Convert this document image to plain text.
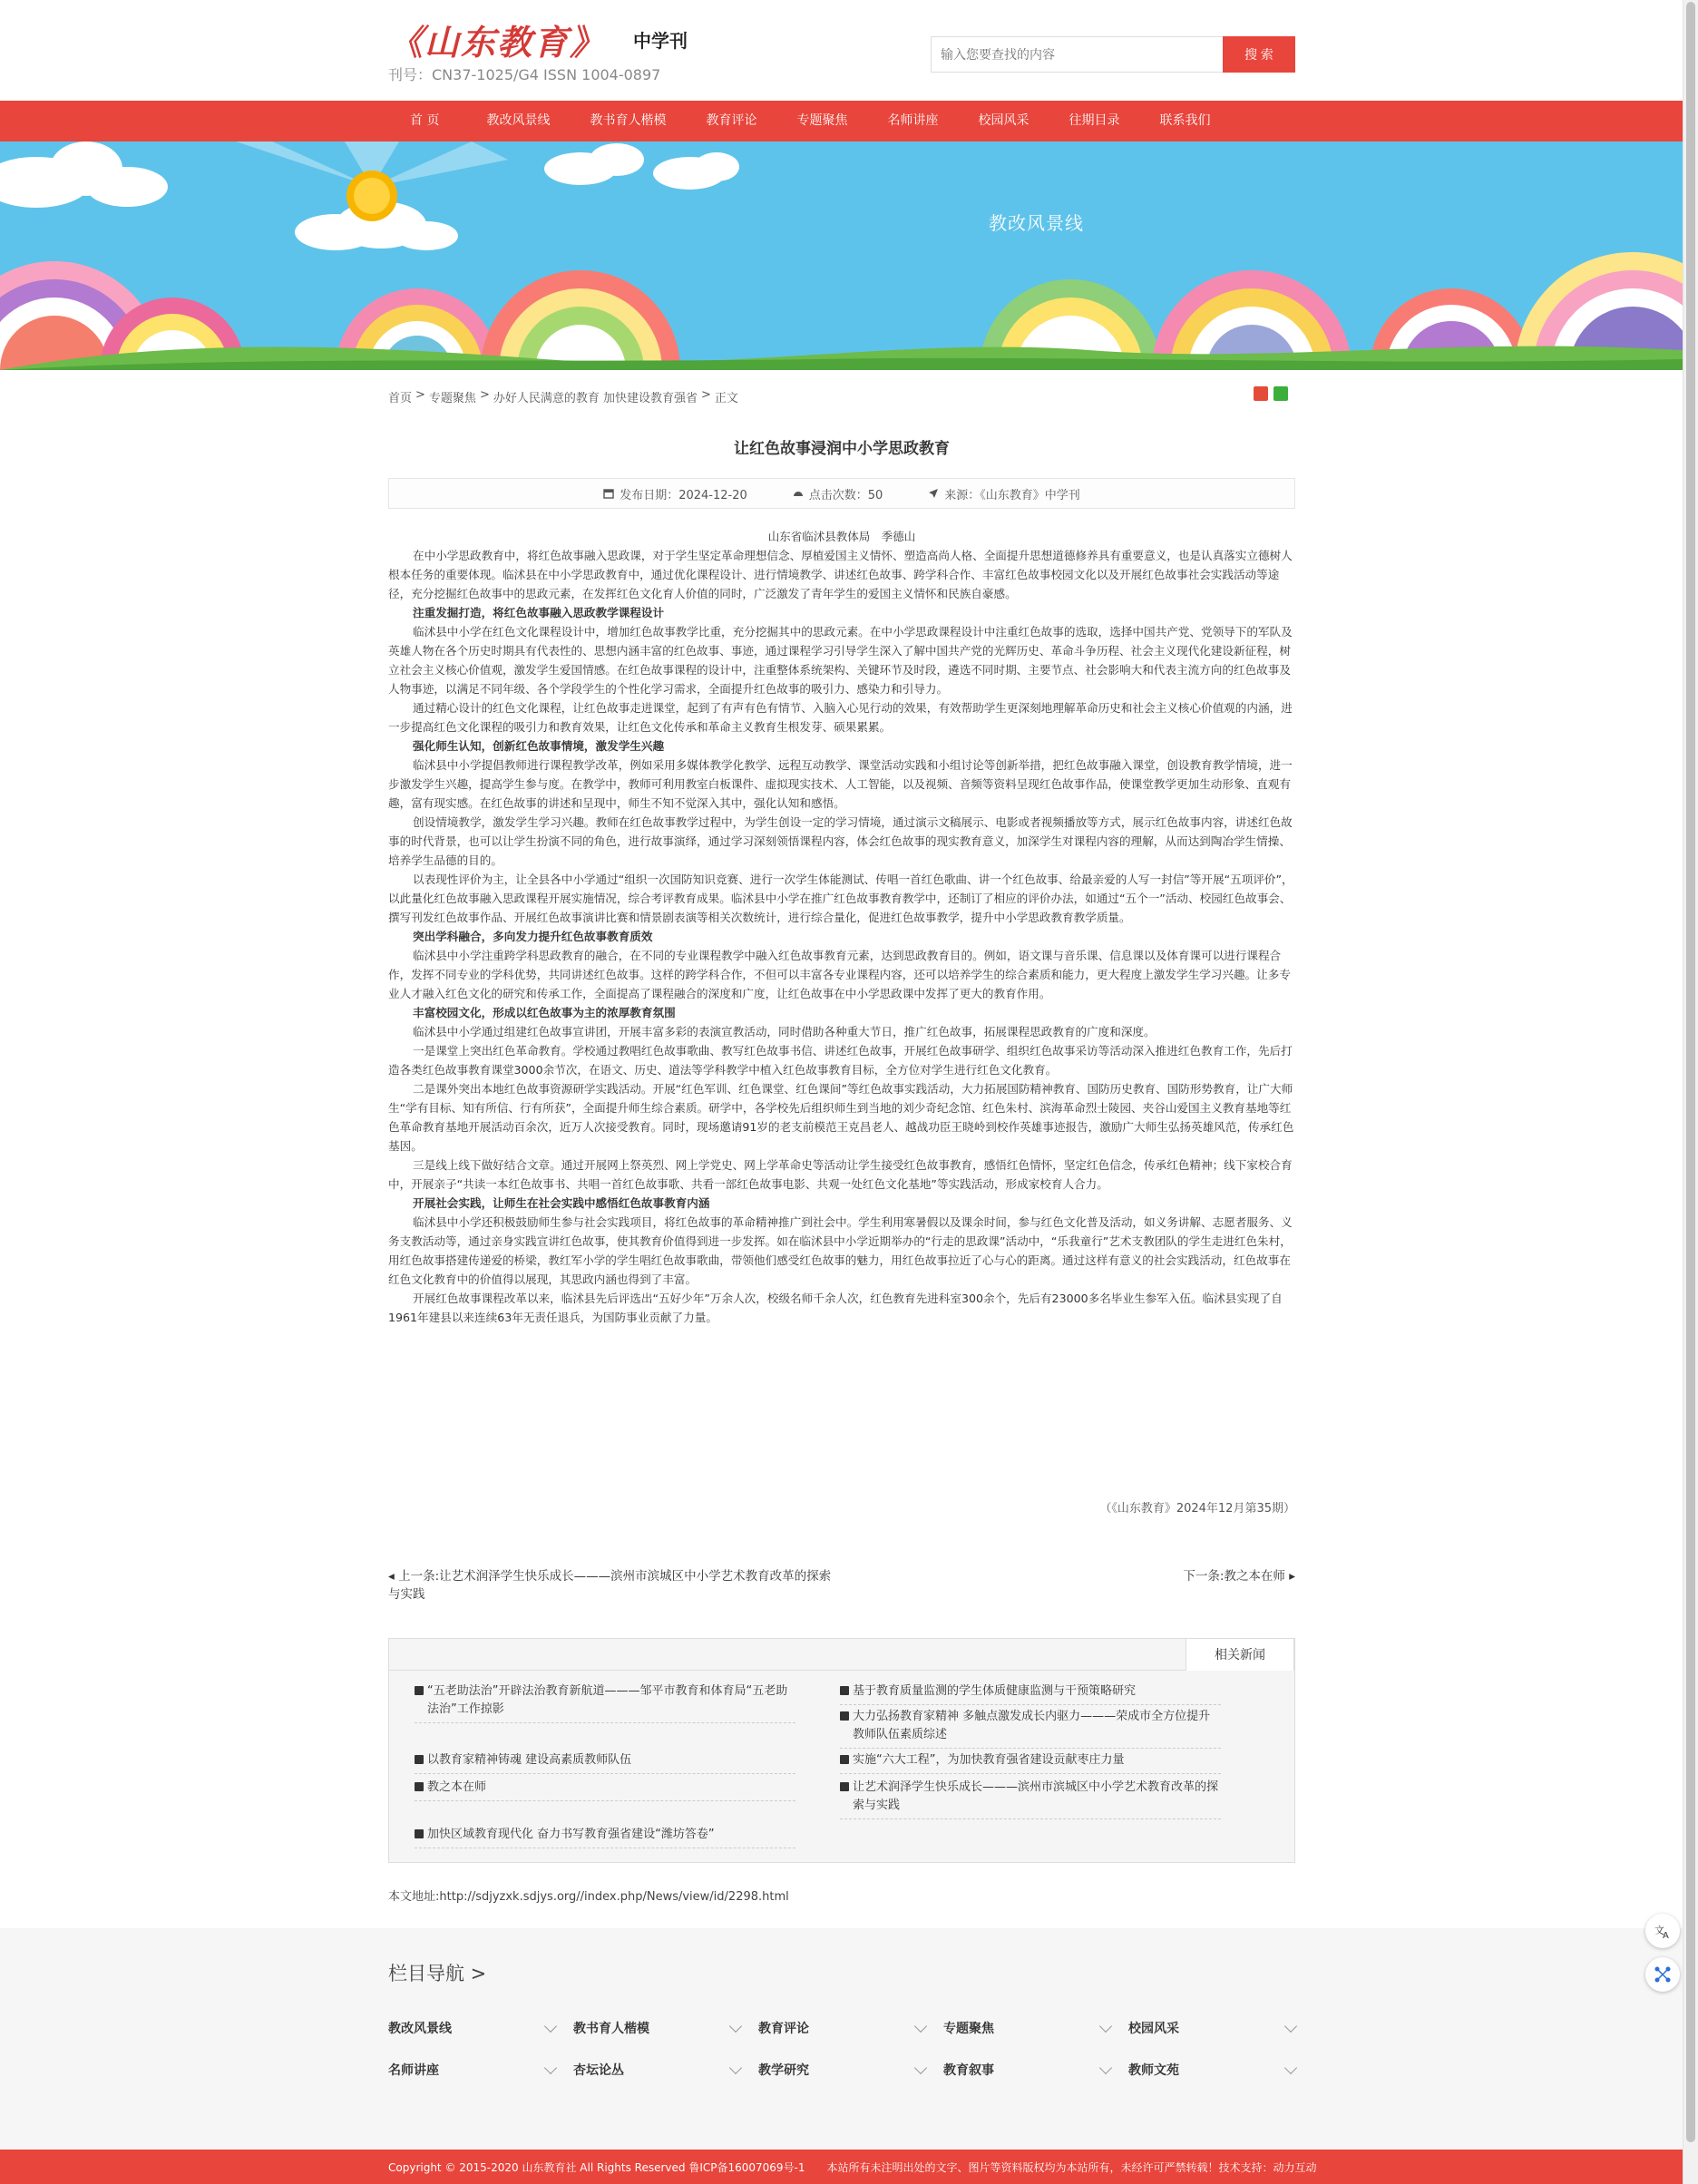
《山东教育》 中学刊
刊号：CN37-1025/G4 ISSN 1004-0897
输入您要查找的内容
搜 索
首 页	教改风景线	教书育人楷模	教育评论	专题聚焦	名师讲座	校园风采	往期目录	联系我们
教改风景线
首页 > 专题聚焦 > 办好人民满意的教育 加快建设教育强省 > 正文
让红色故事浸润中小学思政教育
发布日期：2024-12-20	点击次数：50	来源：《山东教育》中学刊
山东省临沭县教体局　季德山

在中小学思政教育中，将红色故事融入思政课，对于学生坚定革命理想信念、厚植爱国主义情怀、塑造高尚人格、全面提升思想道德修养具有重要意义，也是认真落实立德树人根本任务的重要体现。临沭县在中小学思政教育中，通过优化课程设计、进行情境教学、讲述红色故事、跨学科合作、丰富红色故事校园文化以及开展红色故事社会实践活动等途径，充分挖掘红色故事中的思政元素，在发挥红色文化育人价值的同时，广泛激发了青年学生的爱国主义情怀和民族自豪感。

注重发掘打造，将红色故事融入思政教学课程设计

临沭县中小学在红色文化课程设计中，增加红色故事教学比重，充分挖掘其中的思政元素。在中小学思政课程设计中注重红色故事的选取，选择中国共产党、党领导下的军队及英雄人物在各个历史时期具有代表性的、思想内涵丰富的红色故事、事迹，通过课程学习引导学生深入了解中国共产党的光辉历史、革命斗争历程、社会主义现代化建设新征程，树立社会主义核心价值观，激发学生爱国情感。在红色故事课程的设计中，注重整体系统架构、关键环节及时段，遴选不同时期、主要节点、社会影响大和代表主流方向的红色故事及人物事迹，以满足不同年级、各个学段学生的个性化学习需求，全面提升红色故事的吸引力、感染力和引导力。

通过精心设计的红色文化课程，让红色故事走进课堂，起到了有声有色有情节、入脑入心见行动的效果，有效帮助学生更深刻地理解革命历史和社会主义核心价值观的内涵，进一步提高红色文化课程的吸引力和教育效果，让红色文化传承和革命主义教育生根发芽、硕果累累。

强化师生认知，创新红色故事情境，激发学生兴趣

临沭县中小学提倡教师进行课程教学改革，例如采用多媒体教学化教学、远程互动教学、课堂活动实践和小组讨论等创新举措，把红色故事融入课堂，创设教育教学情境，进一步激发学生兴趣，提高学生参与度。在教学中，教师可利用教室白板课件、虚拟现实技术、人工智能，以及视频、音频等资料呈现红色故事作品，使课堂教学更加生动形象、直观有趣，富有现实感。在红色故事的讲述和呈现中，师生不知不觉深入其中，强化认知和感悟。

创设情境教学，激发学生学习兴趣。教师在红色故事教学过程中，为学生创设一定的学习情境，通过演示文稿展示、电影或者视频播放等方式，展示红色故事内容，讲述红色故事的时代背景，也可以让学生扮演不同的角色，进行故事演绎，通过学习深刻领悟课程内容，体会红色故事的现实教育意义，加深学生对课程内容的理解，从而达到陶冶学生情操、培养学生品德的目的。

以表现性评价为主，让全县各中小学通过“组织一次国防知识竞赛、进行一次学生体能测试、传唱一首红色歌曲、讲一个红色故事、给最亲爱的人写一封信”等开展“五项评价”，以此量化红色故事融入思政课程开展实施情况，综合考评教育成果。临沭县中小学在推广红色故事教育教学中，还制订了相应的评价办法，如通过“五个一”活动、校园红色故事会、撰写刊发红色故事作品、开展红色故事演讲比赛和情景剧表演等相关次数统计，进行综合量化，促进红色故事教学，提升中小学思政教育教学质量。

突出学科融合，多向发力提升红色故事教育质效

临沭县中小学注重跨学科思政教育的融合，在不同的专业课程教学中融入红色故事教育元素，达到思政教育目的。例如，语文课与音乐课、信息课以及体育课可以进行课程合作，发挥不同专业的学科优势，共同讲述红色故事。这样的跨学科合作，不但可以丰富各专业课程内容，还可以培养学生的综合素质和能力，更大程度上激发学生学习兴趣。让多专业人才融入红色文化的研究和传承工作，全面提高了课程融合的深度和广度，让红色故事在中小学思政课中发挥了更大的教育作用。

丰富校园文化，形成以红色故事为主的浓厚教育氛围

临沭县中小学通过组建红色故事宣讲团，开展丰富多彩的表演宣教活动，同时借助各种重大节日，推广红色故事，拓展课程思政教育的广度和深度。

一是课堂上突出红色革命教育。学校通过教唱红色故事歌曲、教写红色故事书信、讲述红色故事，开展红色故事研学、组织红色故事采访等活动深入推进红色教育工作，先后打造各类红色故事教育课堂3000余节次，在语文、历史、道法等学科教学中植入红色故事教育目标，全方位对学生进行红色文化教育。

二是课外突出本地红色故事资源研学实践活动。开展“红色军训、红色课堂、红色课间”等红色故事实践活动，大力拓展国防精神教育、国防历史教育、国防形势教育，让广大师生“学有目标、知有所信、行有所获”，全面提升师生综合素质。研学中，各学校先后组织师生到当地的刘少奇纪念馆、红色朱村、滨海革命烈士陵园、夹谷山爱国主义教育基地等红色革命教育基地开展活动百余次，近万人次接受教育。同时，现场邀请91岁的老支前模范王克昌老人、越战功臣王晓岭到校作英雄事迹报告，激励广大师生弘扬英雄风范，传承红色基因。

三是线上线下做好结合文章。通过开展网上祭英烈、网上学党史、网上学革命史等活动让学生接受红色故事教育，感悟红色情怀，坚定红色信念，传承红色精神；线下家校合育中，开展亲子“共读一本红色故事书、共唱一首红色故事歌、共看一部红色故事电影、共观一处红色文化基地”等实践活动，形成家校育人合力。

开展社会实践，让师生在社会实践中感悟红色故事教育内涵

临沭县中小学还积极鼓励师生参与社会实践项目，将红色故事的革命精神推广到社会中。学生利用寒暑假以及课余时间，参与红色文化普及活动，如义务讲解、志愿者服务、义务支教活动等，通过亲身实践宣讲红色故事，使其教育价值得到进一步发挥。如在临沭县中小学近期举办的“行走的思政课”活动中，“乐我童行”艺术支教团队的学生走进红色朱村，用红色故事搭建传递爱的桥梁，教红军小学的学生唱红色故事歌曲，带领他们感受红色故事的魅力，用红色故事拉近了心与心的距离。通过这样有意义的社会实践活动，红色故事在红色文化教育中的价值得以展现，其思政内涵也得到了丰富。

开展红色故事课程改革以来，临沭县先后评选出“五好少年”万余人次，校级名师千余人次，红色教育先进科室300余个，先后有23000多名毕业生参军入伍。临沭县实现了自1961年建县以来连续63年无责任退兵，为国防事业贡献了力量。

（《山东教育》2024年12月第35期）
◂ 上一条:让艺术润泽学生快乐成长———滨州市滨城区中小学艺术教育改革的探索与实践
下一条:教之本在师 ▸
相关新闻
“五老助法治”开辟法治教育新航道———邹平市教育和体育局“五老助法治”工作掠影
以教育家精神铸魂 建设高素质教师队伍
教之本在师
加快区域教育现代化 奋力书写教育强省建设“潍坊答卷”
基于教育质量监测的学生体质健康监测与干预策略研究
大力弘扬教育家精神 多触点激发成长内驱力———荣成市全方位提升教师队伍素质综述
实施“六大工程”，为加快教育强省建设贡献枣庄力量
让艺术润泽学生快乐成长———滨州市滨城区中小学艺术教育改革的探索与实践
本文地址:http://sdjyzxk.sdjys.org//index.php/News/view/id/2298.html
栏目导航 >
教改风景线	教书育人楷模	教育评论	专题聚焦	校园风采
名师讲座	杏坛论丛	教学研究	教育叙事	教师文苑
Copyright © 2015-2020 山东教育社 All Rights Reserved 鲁ICP备16007069号-1　　本站所有未注明出处的文字、图片等资料版权均为本站所有，未经许可严禁转载！技术支持：动力互动
文
A
